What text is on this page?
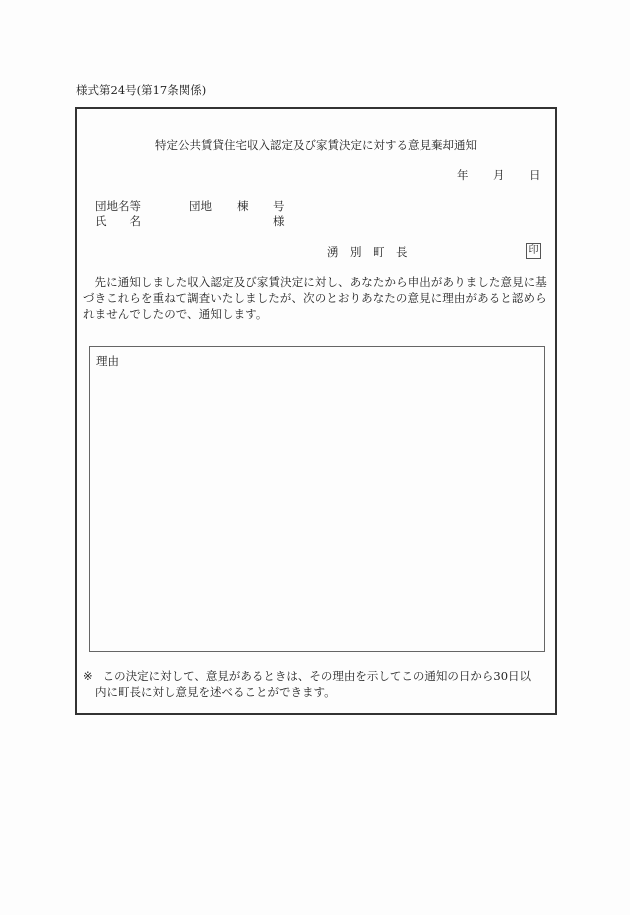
様式第24号(第17条関係)
特定公共賃貸住宅収入認定及び家賃決定に対する意見棄却通知
年 月 日
団地名等	団地 棟 号
氏　　名	様
湧　別　町　長	印
先に通知しました収入認定及び家賃決定に対し、あなたから申出がありました意見に基づきこれらを重ねて調査いたしましたが、次のとおりあなたの意見に理由があると認められませんでしたので、通知します。
理由
※ この決定に対して、意見があるときは、その理由を示してこの通知の日から30日以
内に町長に対し意見を述べることができます。
